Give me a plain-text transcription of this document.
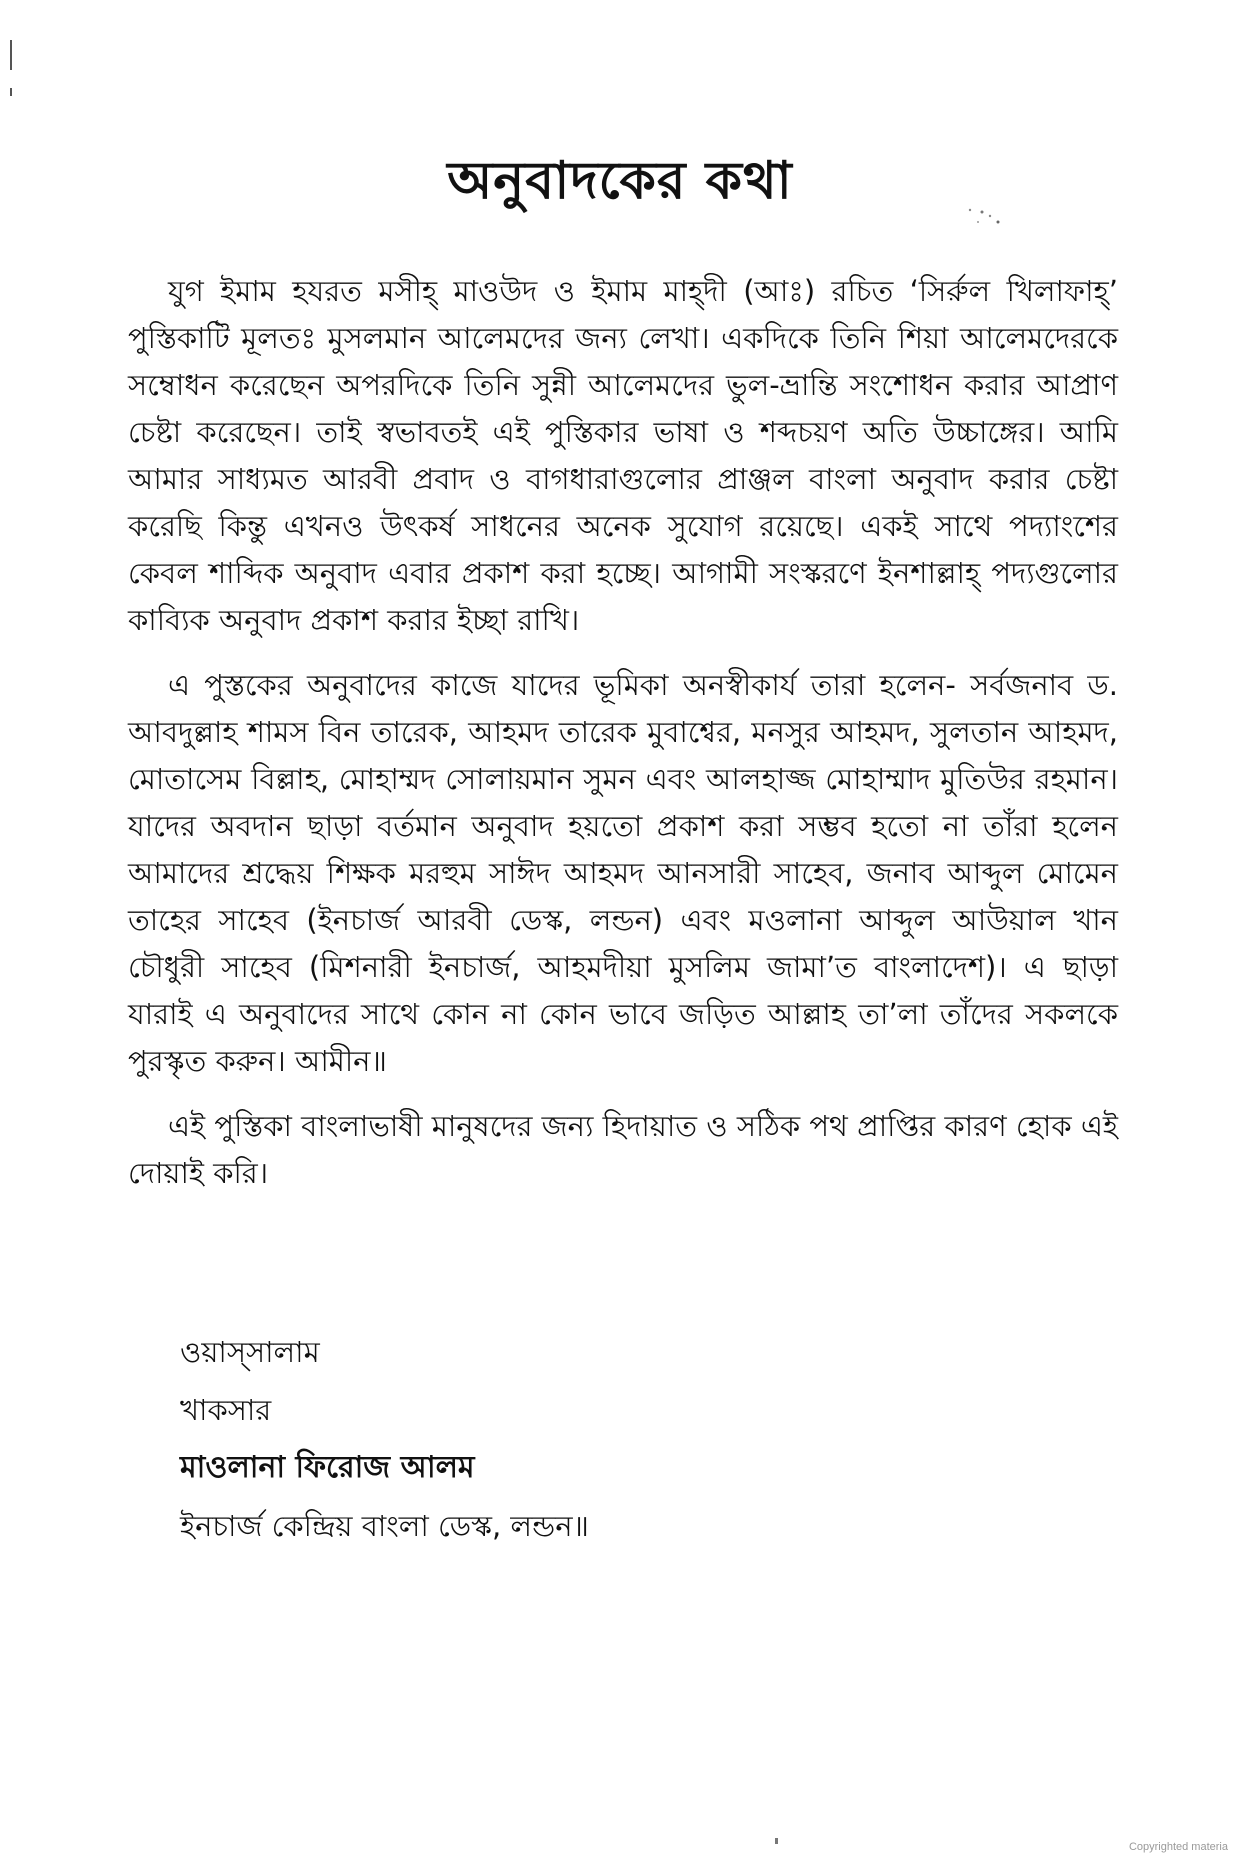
অনুবাদকের কথা

যুগ ইমাম হযরত মসীহ্ মাওউদ ও ইমাম মাহ্দী (আঃ) রচিত ‘সির্রুল খিলাফাহ্’ পুস্তিকাটি মূলতঃ মুসলমান আলেমদের জন্য লেখা। একদিকে তিনি শিয়া আলেমদেরকে সম্বোধন করেছেন অপরদিকে তিনি সুন্নী আলেমদের ভুল-ভ্রান্তি সংশোধন করার আপ্রাণ চেষ্টা করেছেন। তাই স্বভাবতই এই পুস্তিকার ভাষা ও শব্দচয়ণ অতি উচ্চাঙ্গের। আমি আমার সাধ্যমত আরবী প্রবাদ ও বাগধারাগুলোর প্রাঞ্জল বাংলা অনুবাদ করার চেষ্টা করেছি কিন্তু এখনও উৎকর্ষ সাধনের অনেক সুযোগ রয়েছে। একই সাথে পদ্যাংশের কেবল শাব্দিক অনুবাদ এবার প্রকাশ করা হচ্ছে। আগামী সংস্করণে ইনশাল্লাহ্ পদ্যগুলোর কাব্যিক অনুবাদ প্রকাশ করার ইচ্ছা রাখি।

এ পুস্তকের অনুবাদের কাজে যাদের ভূমিকা অনস্বীকার্য তারা হলেন- সর্বজনাব ড. আবদুল্লাহ শামস বিন তারেক, আহমদ তারেক মুবাশ্বের, মনসুর আহমদ, সুলতান আহমদ, মোতাসেম বিল্লাহ, মোহাম্মদ সোলায়মান সুমন এবং আলহাজ্জ মোহাম্মাদ মুতিউর রহমান। যাদের অবদান ছাড়া বর্তমান অনুবাদ হয়তো প্রকাশ করা সম্ভব হতো না তাঁরা হলেন আমাদের শ্রদ্ধেয় শিক্ষক মরহুম সাঈদ আহমদ আনসারী সাহেব, জনাব আব্দুল মোমেন তাহের সাহেব (ইনচার্জ আরবী ডেস্ক, লন্ডন) এবং মওলানা আব্দুল আউয়াল খান চৌধুরী সাহেব (মিশনারী ইনচার্জ, আহমদীয়া মুসলিম জামা’ত বাংলাদেশ)। এ ছাড়া যারাই এ অনুবাদের সাথে কোন না কোন ভাবে জড়িত আল্লাহ তা’লা তাঁদের সকলকে পুরস্কৃত করুন। আমীন॥

এই পুস্তিকা বাংলাভাষী মানুষদের জন্য হিদায়াত ও সঠিক পথ প্রাপ্তির কারণ হোক এই দোয়াই করি।

ওয়াস্‌সালাম
খাকসার
মাওলানা ফিরোজ আলম
ইনচার্জ কেন্দ্রিয় বাংলা ডেস্ক, লন্ডন॥
Copyrighted materia
